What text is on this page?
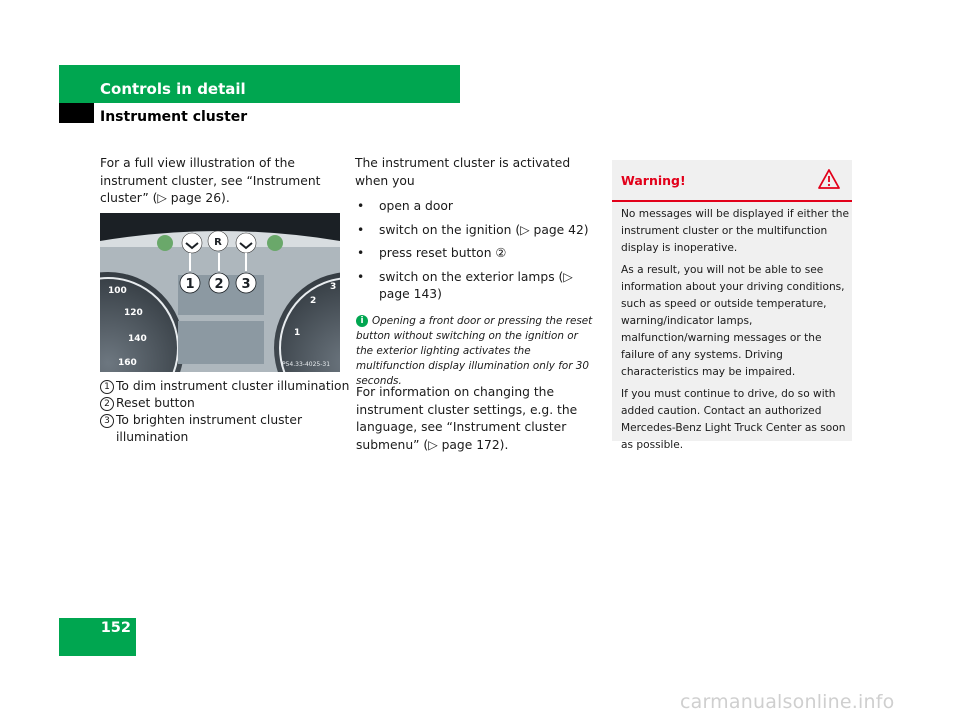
Controls in detail
Instrument cluster
For a full view illustration of the instrument cluster, see “Instrument cluster” (▷ page 26).
100
120
140
160
2
1
3
R
1 2 3
P54.33-4025-31
1 To dim instrument cluster illumination
2 Reset button
3 To brighten instrument cluster illumination
The instrument cluster is activated when you
•	open a door
•	switch on the ignition (▷ page 42)
•	press reset button ②
•	switch on the exterior lamps (▷ page 143)
i Opening a front door or pressing the reset button without switching on the ignition or the exterior lighting activates the multifunction display illumination only for 30 seconds.
For information on changing the instrument cluster settings, e.g. the language, see “Instrument cluster submenu” (▷ page 172).
Warning!

No messages will be displayed if either the instrument cluster or the multifunction display is inoperative.

As a result, you will not be able to see information about your driving conditions, such as speed or outside temperature, warning/indicator lamps, malfunction/warning messages or the failure of any systems. Driving characteristics may be impaired.

If you must continue to drive, do so with added caution. Contact an authorized Mercedes-Benz Light Truck Center as soon as possible.

152
carmanualsonline.info
